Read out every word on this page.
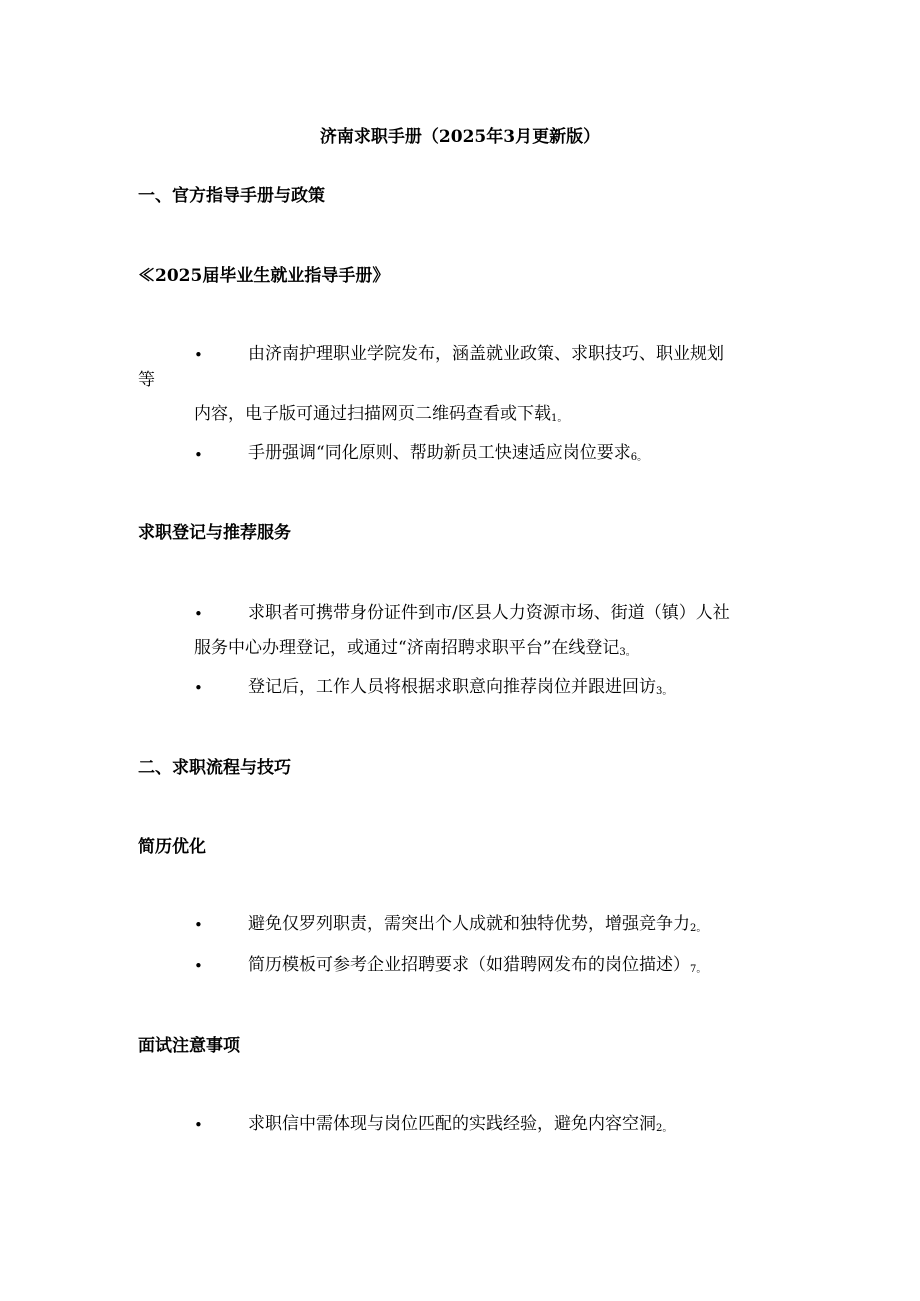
济南求职手册（2025年3月更新版）
一、官方指导手册与政策
≪2025届毕业生就业指导手册》
•	由济南护理职业学院发布，涵盖就业政策、求职技巧、职业规划
等
内容，电子版可通过扫描网页二维码查看或下载$_{1。}$
•	手册强调“同化原则、帮助新员工快速适应岗位要求$_{6。}$
求职登记与推荐服务
•	求职者可携带身份证件到市/区县人力资源市场、街道（镇）人社
服务中心办理登记，或通过“济南招聘求职平台”在线登记$_{3。}$
•	登记后，工作人员将根据求职意向推荐岗位并跟进回访$_{3。}$
二、求职流程与技巧
简历优化
•	避免仅罗列职责，需突出个人成就和独特优势，增强竞争力$_{2。}$
•	简历模板可参考企业招聘要求（如猎聘网发布的岗位描述）$_{7。}$
面试注意事项
•	求职信中需体现与岗位匹配的实践经验，避免内容空洞$_{2。}$
